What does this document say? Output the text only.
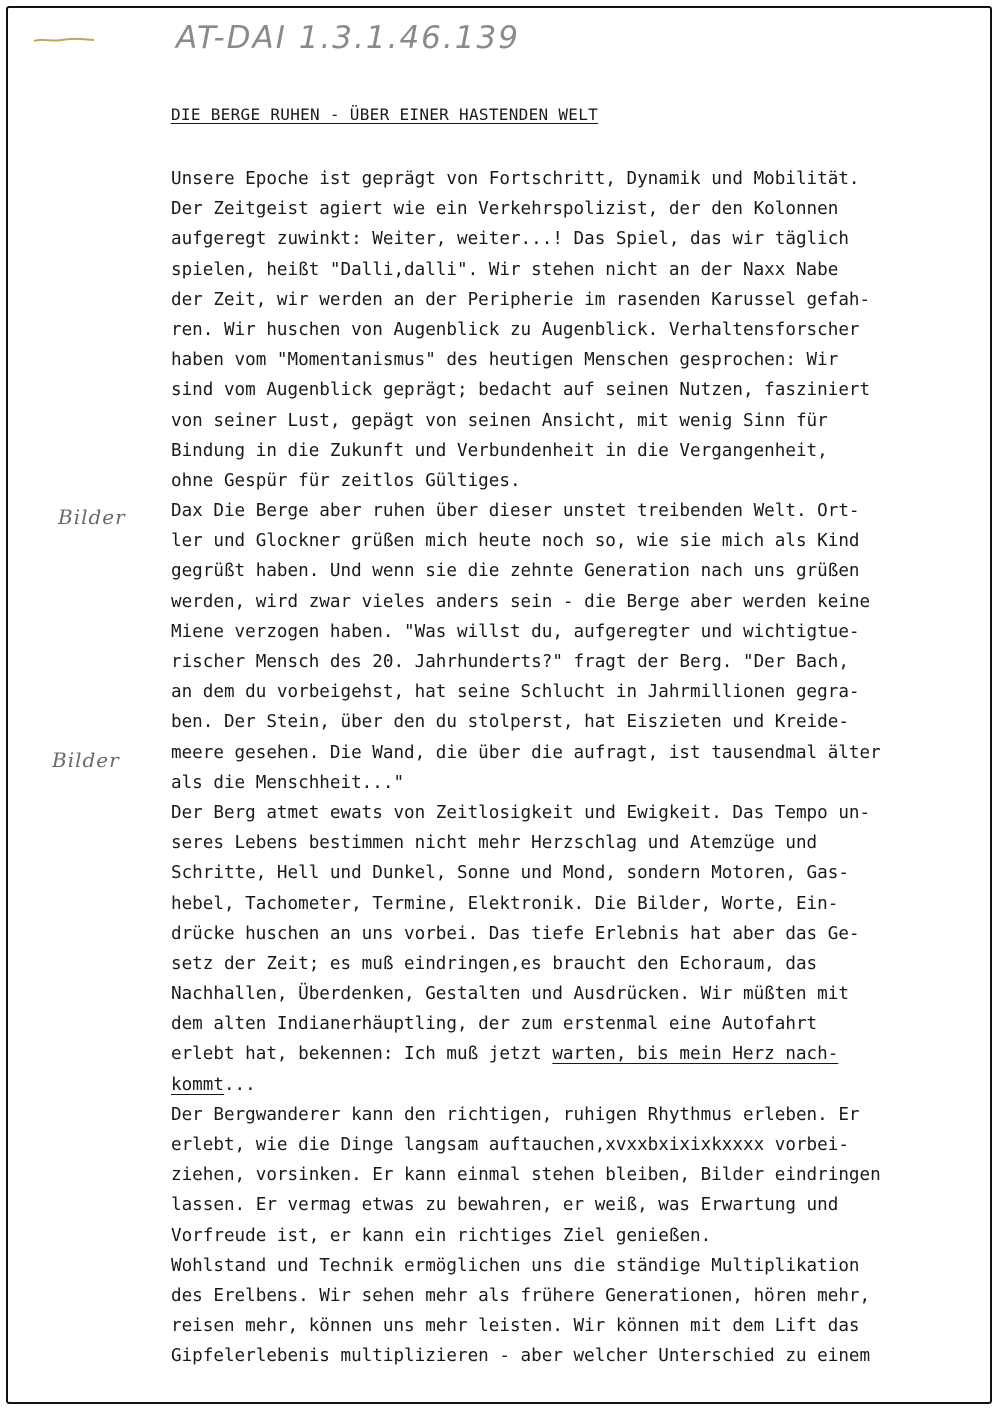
AT-DAI 1.3.1.46.139
DIE BERGE RUHEN - ÜBER EINER HASTENDEN WELT
Bilder
Bilder
Unsere Epoche ist geprägt von Fortschritt, Dynamik und Mobilität.
Der Zeitgeist agiert wie ein Verkehrspolizist, der den Kolonnen
aufgeregt zuwinkt: Weiter, weiter...! Das Spiel, das wir täglich
spielen, heißt "Dalli,dalli". Wir stehen nicht an der Naxx Nabe
der Zeit, wir werden an der Peripherie im rasenden Karussel gefah-
ren. Wir huschen von Augenblick zu Augenblick. Verhaltensforscher
haben vom "Momentanismus" des heutigen Menschen gesprochen: Wir
sind vom Augenblick geprägt; bedacht auf seinen Nutzen, fasziniert
von seiner Lust, gepägt von seinen Ansicht, mit wenig Sinn für
Bindung in die Zukunft und Verbundenheit in die Vergangenheit,
ohne Gespür für zeitlos Gültiges.
Dax Die Berge aber ruhen über dieser unstet treibenden Welt. Ort-
ler und Glockner grüßen mich heute noch so, wie sie mich als Kind
gegrüßt haben. Und wenn sie die zehnte Generation nach uns grüßen
werden, wird zwar vieles anders sein - die Berge aber werden keine
Miene verzogen haben. "Was willst du, aufgeregter und wichtigtue-
rischer Mensch des 20. Jahrhunderts?" fragt der Berg. "Der Bach,
an dem du vorbeigehst, hat seine Schlucht in Jahrmillionen gegra-
ben. Der Stein, über den du stolperst, hat Eiszieten und Kreide-
meere gesehen. Die Wand, die über die aufragt, ist tausendmal älter
als die Menschheit..."
Der Berg atmet ewats von Zeitlosigkeit und Ewigkeit. Das Tempo un-
seres Lebens bestimmen nicht mehr Herzschlag und Atemzüge und
Schritte, Hell und Dunkel, Sonne und Mond, sondern Motoren, Gas-
hebel, Tachometer, Termine, Elektronik. Die Bilder, Worte, Ein-
drücke huschen an uns vorbei. Das tiefe Erlebnis hat aber das Ge-
setz der Zeit; es muß eindringen,es braucht den Echoraum, das
Nachhallen, Überdenken, Gestalten und Ausdrücken. Wir müßten mit
dem alten Indianerhäuptling, der zum erstenmal eine Autofahrt
erlebt hat, bekennen: Ich muß jetzt warten, bis mein Herz nach-
kommt...
Der Bergwanderer kann den richtigen, ruhigen Rhythmus erleben. Er
erlebt, wie die Dinge langsam auftauchen,xvxxbxixixkxxxx vorbei-
ziehen, vorsinken. Er kann einmal stehen bleiben, Bilder eindringen
lassen. Er vermag etwas zu bewahren, er weiß, was Erwartung und
Vorfreude ist, er kann ein richtiges Ziel genießen.
Wohlstand und Technik ermöglichen uns die ständige Multiplikation
des Erelbens. Wir sehen mehr als frühere Generationen, hören mehr,
reisen mehr, können uns mehr leisten. Wir können mit dem Lift das
Gipfelerlebenis multiplizieren - aber welcher Unterschied zu einem
